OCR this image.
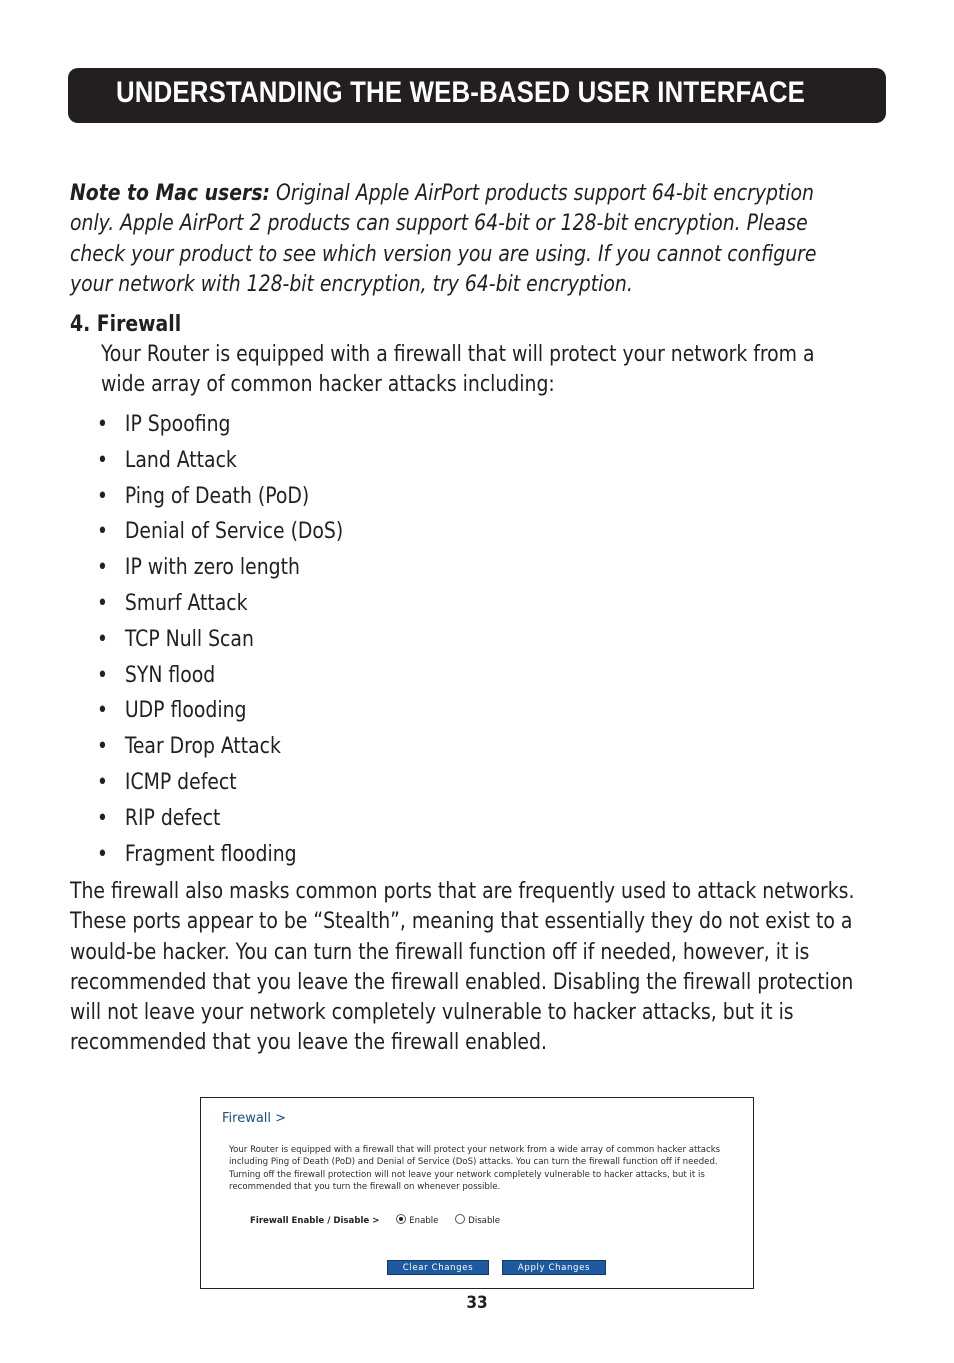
UNDERSTANDING THE WEB-BASED USER INTERFACE

Note to Mac users: Original Apple AirPort products support 64-bit encryption only. Apple AirPort 2 products can support 64-bit or 128-bit encryption. Please check your product to see which version you are using. If you cannot configure your network with 128-bit encryption, try 64-bit encryption.

4. Firewall

Your Router is equipped with a firewall that will protect your network from a wide array of common hacker attacks including:

• IP Spoofing
• Land Attack
• Ping of Death (PoD)
• Denial of Service (DoS)
• IP with zero length
• Smurf Attack
• TCP Null Scan
• SYN flood
• UDP flooding
• Tear Drop Attack
• ICMP defect
• RIP defect
• Fragment flooding

The firewall also masks common ports that are frequently used to attack networks. These ports appear to be “Stealth”, meaning that essentially they do not exist to a would-be hacker. You can turn the firewall function off if needed, however, it is recommended that you leave the firewall enabled. Disabling the firewall protection will not leave your network completely vulnerable to hacker attacks, but it is recommended that you leave the firewall enabled.

Firewall >

Your Router is equipped with a firewall that will protect your network from a wide array of common hacker attacks including Ping of Death (PoD) and Denial of Service (DoS) attacks. You can turn the firewall function off if needed. Turning off the firewall protection will not leave your network completely vulnerable to hacker attacks, but it is recommended that you turn the firewall on whenever possible.

Firewall Enable / Disable >	Enable	Disable
Clear Changes	Apply Changes
33
